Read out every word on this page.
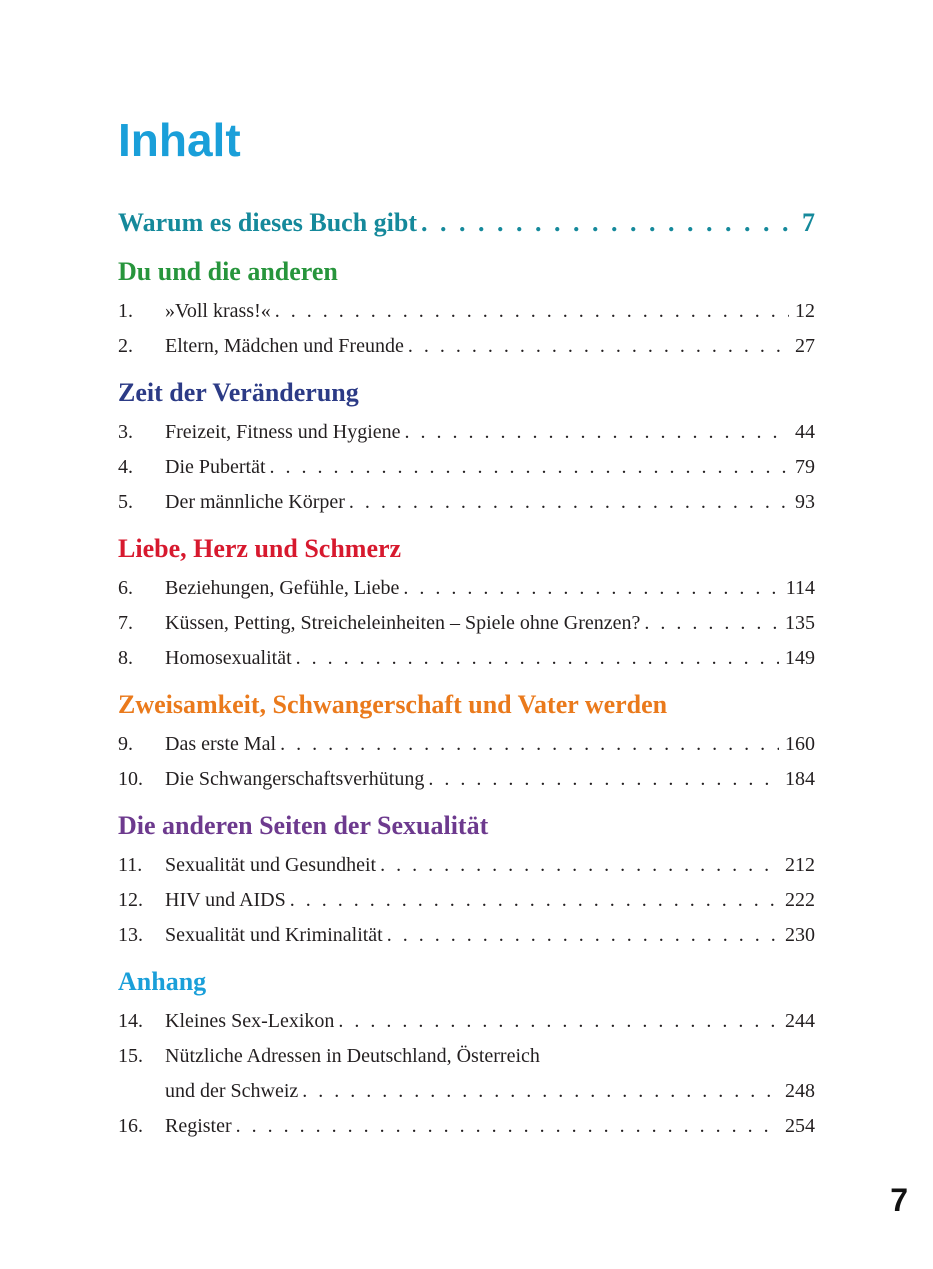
Inhalt
Warum es dieses Buch gibt . . .	7
Du und die anderen
1.	»Voll krass!« . . .	12
2.	Eltern, Mädchen und Freunde . . .	27
Zeit der Veränderung
3.	Freizeit, Fitness und Hygiene . . .	44
4.	Die Pubertät . . .	79
5.	Der männliche Körper . . .	93
Liebe, Herz und Schmerz
6.	Beziehungen, Gefühle, Liebe . . .	114
7.	Küssen, Petting, Streicheleinheiten – Spiele ohne Grenzen? . . .	135
8.	Homosexualität . . .	149
Zweisamkeit, Schwangerschaft und Vater werden
9.	Das erste Mal . . .	160
10.	Die Schwangerschaftsverhütung . . .	184
Die anderen Seiten der Sexualität
11.	Sexualität und Gesundheit . . .	212
12.	HIV und AIDS . . .	222
13.	Sexualität und Kriminalität . . .	230
Anhang
14.	Kleines Sex-Lexikon . . .	244
15.	Nützliche Adressen in Deutschland, Österreich
und der Schweiz . . .	248
16.	Register . . .	254
7
